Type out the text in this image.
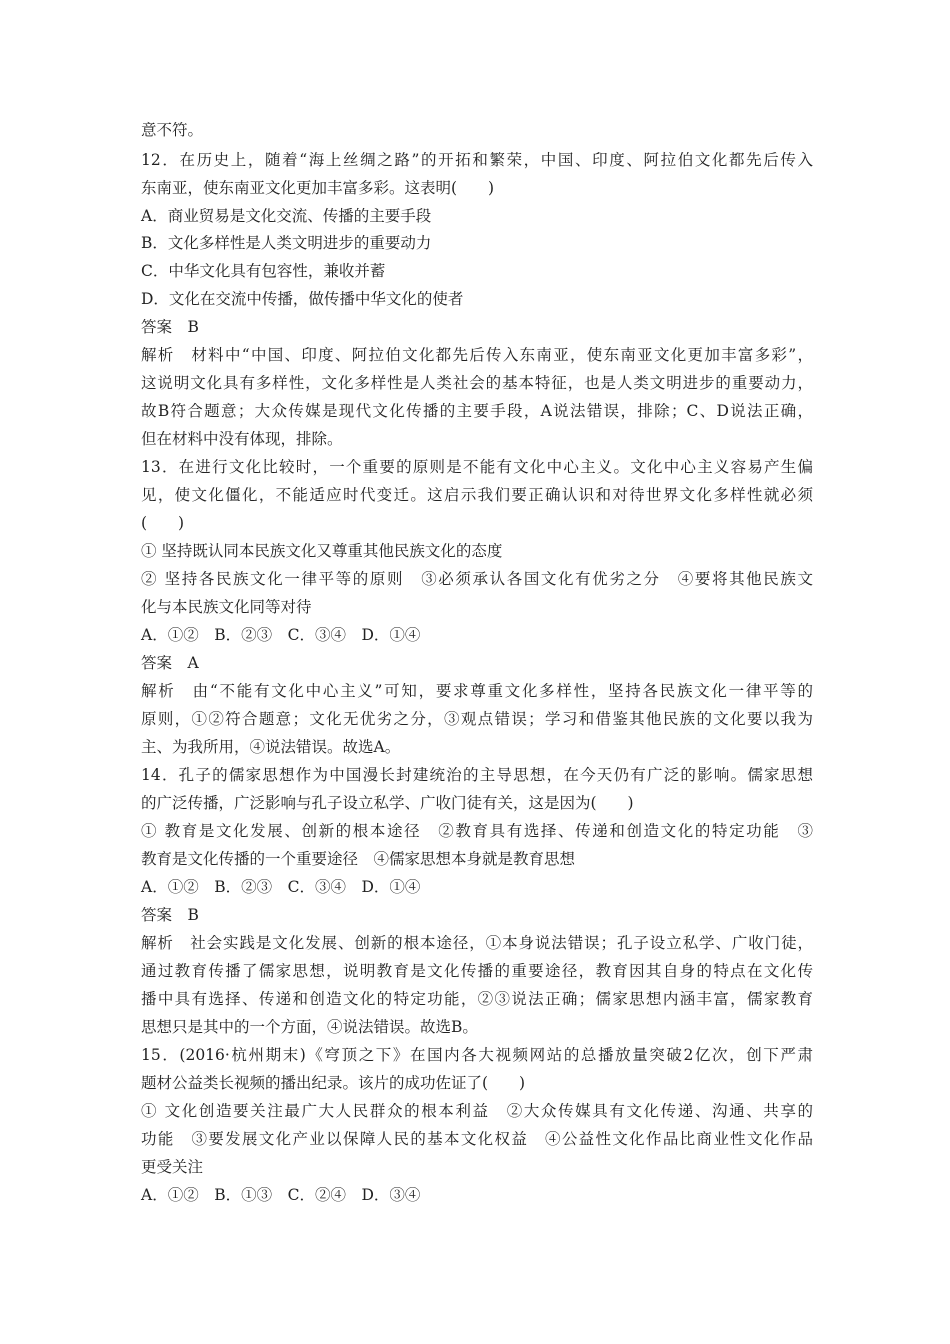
意不符。
12．在历史上，随着“海上丝绸之路”的开拓和繁荣，中国、印度、阿拉伯文化都先后传入
东南亚，使东南亚文化更加丰富多彩。这表明(　　)
A．商业贸易是文化交流、传播的主要手段
B．文化多样性是人类文明进步的重要动力
C．中华文化具有包容性，兼收并蓄
D．文化在交流中传播，做传播中华文化的使者
答案　B
解析　材料中“中国、印度、阿拉伯文化都先后传入东南亚，使东南亚文化更加丰富多彩”，
这说明文化具有多样性，文化多样性是人类社会的基本特征，也是人类文明进步的重要动力，
故B符合题意；大众传媒是现代文化传播的主要手段，A说法错误，排除；C、D说法正确，
但在材料中没有体现，排除。
13．在进行文化比较时，一个重要的原则是不能有文化中心主义。文化中心主义容易产生偏
见，使文化僵化，不能适应时代变迁。这启示我们要正确认识和对待世界文化多样性就必须
(　　)
① 坚持既认同本民族文化又尊重其他民族文化的态度
② 坚持各民族文化一律平等的原则　③必须承认各国文化有优劣之分　④要将其他民族文
化与本民族文化同等对待
A．①②　B．②③　C．③④　D．①④
答案　A
解析　由“不能有文化中心主义”可知，要求尊重文化多样性，坚持各民族文化一律平等的
原则，①②符合题意；文化无优劣之分，③观点错误；学习和借鉴其他民族的文化要以我为
主、为我所用，④说法错误。故选A。
14．孔子的儒家思想作为中国漫长封建统治的主导思想，在今天仍有广泛的影响。儒家思想
的广泛传播，广泛影响与孔子设立私学、广收门徒有关，这是因为(　　)
① 教育是文化发展、创新的根本途径　②教育具有选择、传递和创造文化的特定功能　③
教育是文化传播的一个重要途径　④儒家思想本身就是教育思想
A．①②　B．②③　C．③④　D．①④
答案　B
解析　社会实践是文化发展、创新的根本途径，①本身说法错误；孔子设立私学、广收门徒，
通过教育传播了儒家思想，说明教育是文化传播的重要途径，教育因其自身的特点在文化传
播中具有选择、传递和创造文化的特定功能，②③说法正确；儒家思想内涵丰富，儒家教育
思想只是其中的一个方面，④说法错误。故选B。
15．(2016·杭州期末)《穹顶之下》在国内各大视频网站的总播放量突破2亿次，创下严肃
题材公益类长视频的播出纪录。该片的成功佐证了(　　)
① 文化创造要关注最广大人民群众的根本利益　②大众传媒具有文化传递、沟通、共享的
功能　③要发展文化产业以保障人民的基本文化权益　④公益性文化作品比商业性文化作品
更受关注
A．①②　B．①③　C．②④　D．③④
